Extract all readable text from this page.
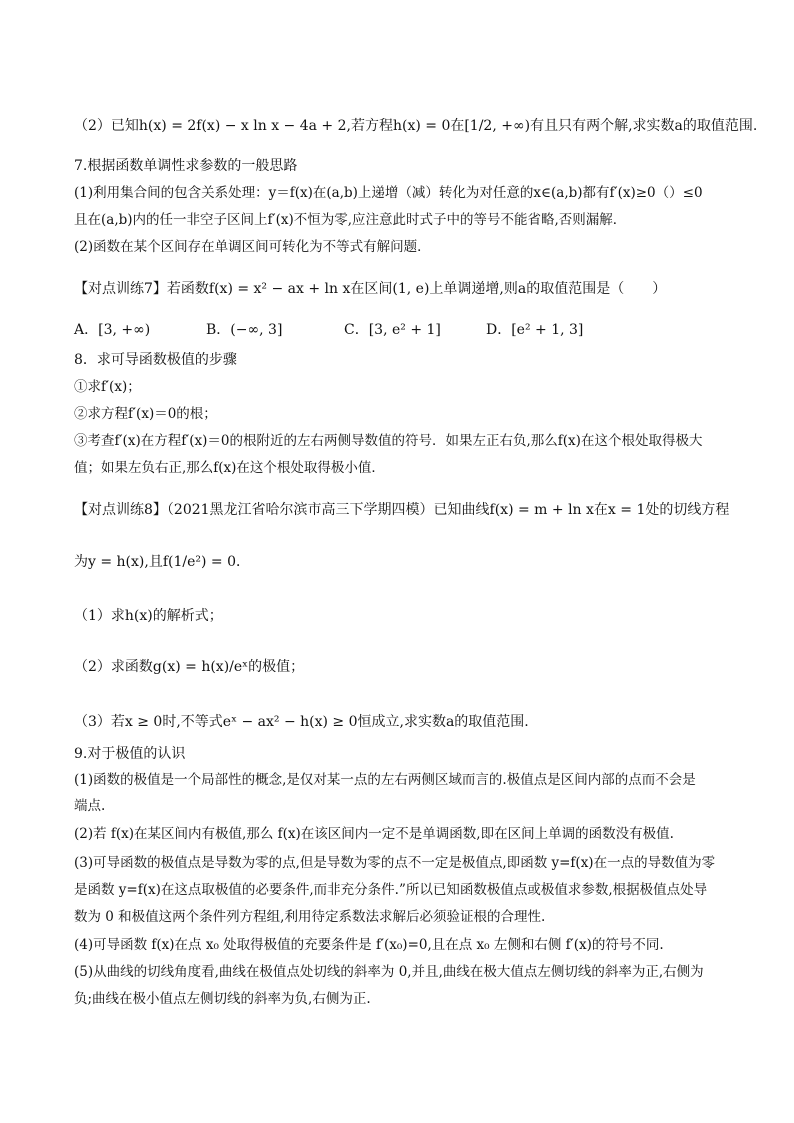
（2）已知h(x) = 2f(x) − x ln x − 4a + 2,若方程h(x) = 0在[1/2, +∞)有且只有两个解,求实数a的取值范围.
7.根据函数单调性求参数的一般思路
(1)利用集合间的包含关系处理：y＝f(x)在(a,b)上递增（减）转化为对任意的x∈(a,b)都有f′(x)≥0（）≤0
且在(a,b)内的任一非空子区间上f′(x)不恒为零,应注意此时式子中的等号不能省略,否则漏解．
(2)函数在某个区间存在单调区间可转化为不等式有解问题．
【对点训练7】若函数f(x) = x² − ax + ln x在区间(1, e)上单调递增,则a的取值范围是（　　）
A．[3, +∞)	B．(−∞, 3]	C．[3, e² + 1]	D．[e² + 1, 3]
8．求可导函数极值的步骤
①求f′(x)；
②求方程f′(x)＝0的根；
③考查f′(x)在方程f′(x)＝0的根附近的左右两侧导数值的符号．如果左正右负,那么f(x)在这个根处取得极大
值；如果左负右正,那么f(x)在这个根处取得极小值．
【对点训练8】（2021黑龙江省哈尔滨市高三下学期四模）已知曲线f(x) = m + ln x在x = 1处的切线方程
为y = h(x),且f(1/e²) = 0．
（1）求h(x)的解析式；
（2）求函数g(x) = h(x)/eˣ的极值；
（3）若x ≥ 0时,不等式eˣ − ax² − h(x) ≥ 0恒成立,求实数a的取值范围.
9.对于极值的认识
(1)函数的极值是一个局部性的概念,是仅对某一点的左右两侧区域而言的.极值点是区间内部的点而不会是
端点.
(2)若 f(x)在某区间内有极值,那么 f(x)在该区间内一定不是单调函数,即在区间上单调的函数没有极值.
(3)可导函数的极值点是导数为零的点,但是导数为零的点不一定是极值点,即函数 y=f(x)在一点的导数值为零
是函数 y=f(x)在这点取极值的必要条件,而非充分条件.”所以已知函数极值点或极值求参数,根据极值点处导
数为 0 和极值这两个条件列方程组,利用待定系数法求解后必须验证根的合理性.
(4)可导函数 f(x)在点 x₀ 处取得极值的充要条件是 f′(x₀)=0,且在点 x₀ 左侧和右侧 f′(x)的符号不同.
(5)从曲线的切线角度看,曲线在极值点处切线的斜率为 0,并且,曲线在极大值点左侧切线的斜率为正,右侧为
负;曲线在极小值点左侧切线的斜率为负,右侧为正.
